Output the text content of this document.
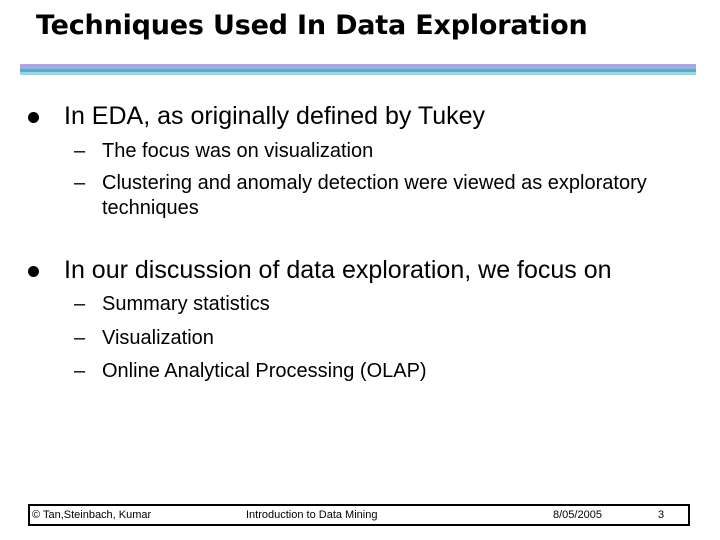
Techniques Used In Data Exploration
In EDA, as originally defined by Tukey
– The focus was on visualization
– Clustering and anomaly detection were viewed as exploratory techniques
In our discussion of data exploration, we focus on
– Summary statistics
– Visualization
– Online Analytical Processing (OLAP)
© Tan,Steinbach, Kumar	Introduction to Data Mining	8/05/2005	3
